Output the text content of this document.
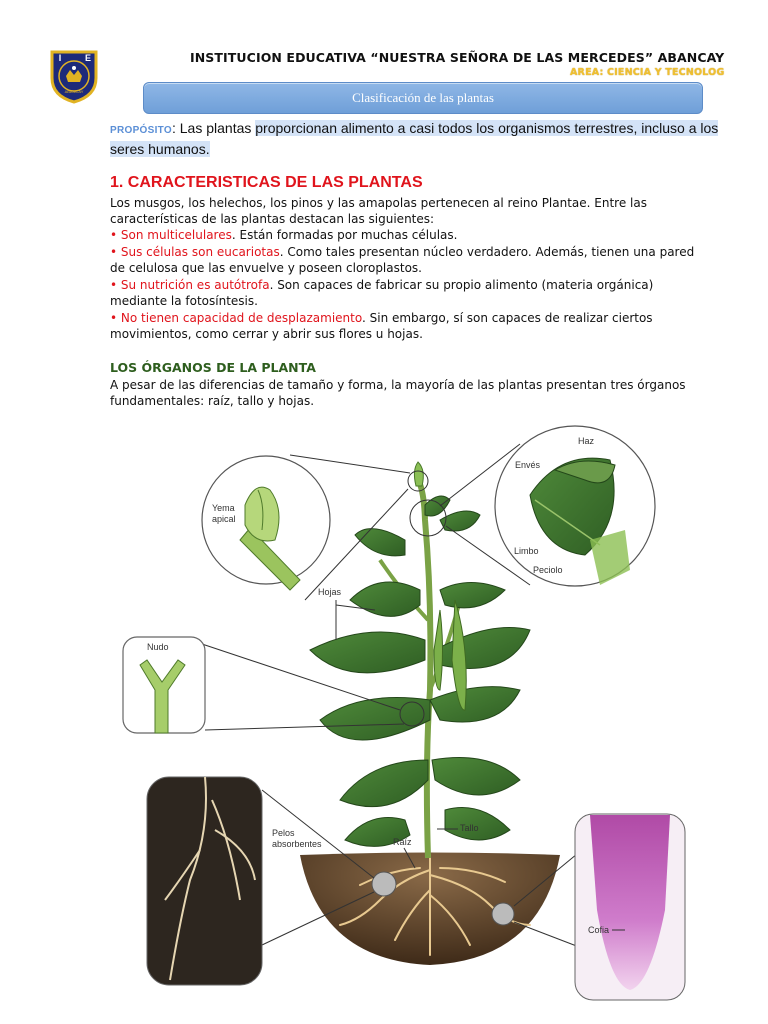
I	E
ABANCAY
INSTITUCION EDUCATIVA “NUESTRA SEÑORA DE LAS MERCEDES” ABANCAY
AREA: CIENCIA Y TECNOLOG
Clasificación de las plantas
PROPÓSITO: Las plantas proporcionan alimento a casi todos los organismos terrestres, incluso a los seres humanos.
1. CARACTERISTICAS DE LAS PLANTAS
Los musgos, los helechos, los pinos y las amapolas pertenecen al reino Plantae. Entre las características de las plantas destacan las siguientes:
• Son multicelulares. Están formadas por muchas células.
• Sus células son eucariotas. Como tales presentan núcleo verdadero. Además, tienen una pared de celulosa que las envuelve y poseen cloroplastos.
• Su nutrición es autótrofa. Son capaces de fabricar su propio alimento (materia orgánica) mediante la fotosíntesis.
• No tienen capacidad de desplazamiento. Sin embargo, sí son capaces de realizar ciertos movimientos, como cerrar y abrir sus flores u hojas.
LOS ÓRGANOS DE LA PLANTA
A pesar de las diferencias de tamaño y forma, la mayoría de las plantas presentan tres órganos fundamentales: raíz, tallo y hojas.
Yema
apical
Haz
Envés
Limbo
Peciolo
Hojas
Nudo
Pelos
absorbentes	Raíz
Tallo
Cofia
